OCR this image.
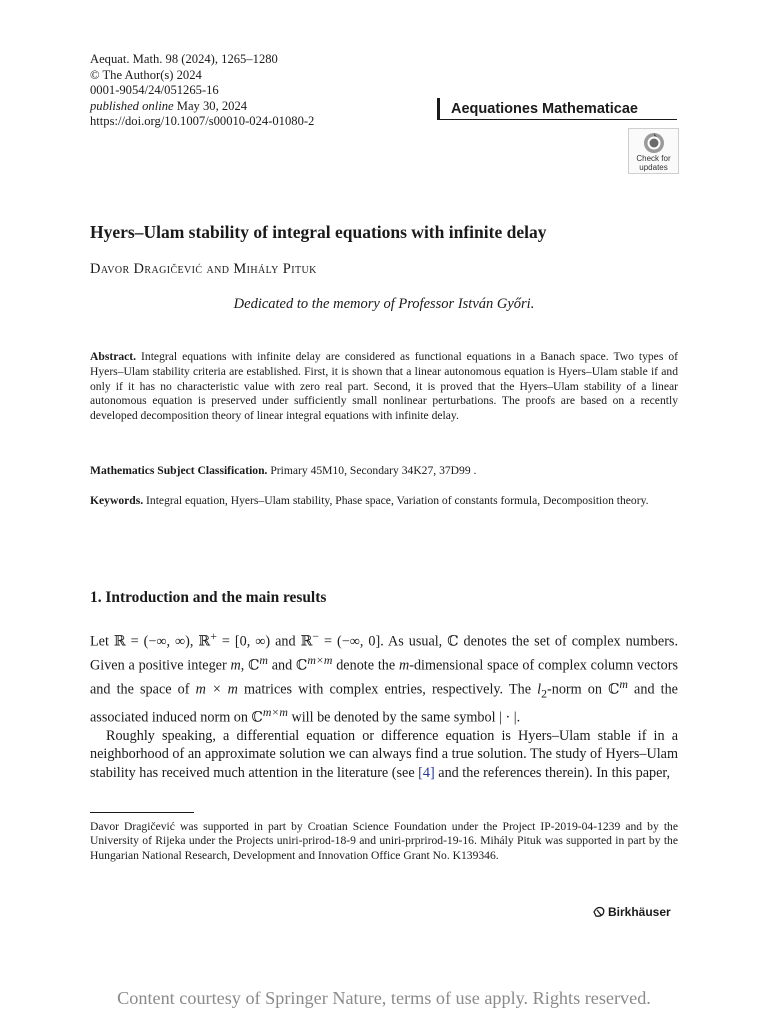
Aequat. Math. 98 (2024), 1265–1280
© The Author(s) 2024
0001-9054/24/051265-16
published online May 30, 2024
https://doi.org/10.1007/s00010-024-01080-2
Aequationes Mathematicae
Check for
updates
Hyers–Ulam stability of integral equations with infinite delay
Davor Dragičević and Mihály Pituk
Dedicated to the memory of Professor István Győri.
Abstract. Integral equations with infinite delay are considered as functional equations in a Banach space. Two types of Hyers–Ulam stability criteria are established. First, it is shown that a linear autonomous equation is Hyers–Ulam stable if and only if it has no characteristic value with zero real part. Second, it is proved that the Hyers–Ulam stability of a linear autonomous equation is preserved under sufficiently small nonlinear perturbations. The proofs are based on a recently developed decomposition theory of linear integral equations with infinite delay.
Mathematics Subject Classification. Primary 45M10, Secondary 34K27, 37D99 .
Keywords. Integral equation, Hyers–Ulam stability, Phase space, Variation of constants formula, Decomposition theory.
1. Introduction and the main results

Let ℝ = (−∞, ∞), ℝ+ = [0, ∞) and ℝ− = (−∞, 0]. As usual, ℂ denotes the set of complex numbers. Given a positive integer m, ℂ$^m$ and ℂ$^{m\times m}$ denote the m-dimensional space of complex column vectors and the space of m × m matrices with complex entries, respectively. The $l_2$-norm on ℂ$^m$ and the associated induced norm on ℂ$^{m\times m}$ will be denoted by the same symbol | · |.

Roughly speaking, a differential equation or difference equation is Hyers–Ulam stable if in a neighborhood of an approximate solution we can always find a true solution. The study of Hyers–Ulam stability has received much attention in the literature (see [4] and the references therein). In this paper,

Davor Dragičević was supported in part by Croatian Science Foundation under the Project IP-2019-04-1239 and by the University of Rijeka under the Projects uniri-prirod-18-9 and uniri-prprirod-19-16. Mihály Pituk was supported in part by the Hungarian National Research, Development and Innovation Office Grant No. K139346.
Birkhäuser
Content courtesy of Springer Nature, terms of use apply. Rights reserved.
